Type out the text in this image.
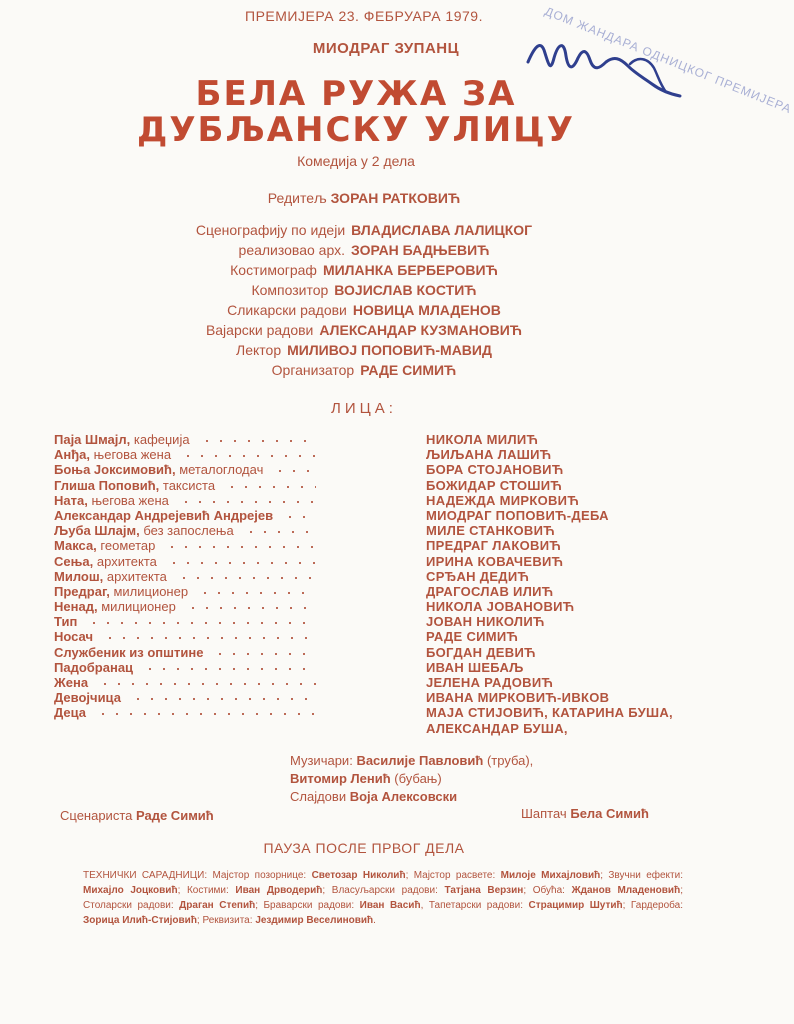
ДОМ ЖАНДАРА ОДНИЦКОГ ПРЕМИЈЕРА
ПРЕМИЈЕРА 23. ФЕБРУАРА 1979.
МИОДРАГ ЗУПАНЦ
БЕЛА РУЖА ЗА
ДУБЉАНСКУ УЛИЦУ
Комедија у 2 дела
Редитељ ЗОРАН РАТКОВИЋ
Сценографију по идеји ВЛАДИСЛАВА ЛАЛИЦКОГ
реализовао арх. ЗОРАН БАДЊЕВИЋ
Костимограф МИЛАНКА БЕРБЕРОВИЋ
Композитор ВОЈИСЛАВ КОСТИЋ
Сликарски радови НОВИЦА МЛАДЕНОВ
Вајарски радови АЛЕКСАНДАР КУЗМАНОВИЋ
Лектор МИЛИВОЈ ПОПОВИЋ-МАВИД
Организатор РАДЕ СИМИЋ
ЛИЦА:
Паја Шмајл, кафеџија	НИКОЛА МИЛИЋ
Анђа, његова жена	ЉИЉАНА ЛАШИЋ
Боња Јоксимовић, металоглодач	БОРА СТОЈАНОВИЋ
Глиша Поповић, таксиста	БОЖИДАР СТОШИЋ
Ната, његова жена	НАДЕЖДА МИРКОВИЋ
Александар Андрејевић Андрејев	МИОДРАГ ПОПОВИЋ-ДЕБА
Љуба Шлајм, без запослења	МИЛЕ СТАНКОВИЋ
Макса, геометар	ПРЕДРАГ ЛАКОВИЋ
Сења, архитекта	ИРИНА КОВАЧЕВИЋ
Милош, архитекта	СРЂАН ДЕДИЋ
Предраг, милиционер	ДРАГОСЛАВ ИЛИЋ
Ненад, милиционер	НИКОЛА ЈОВАНОВИЋ
Тип	ЈОВАН НИКОЛИЋ
Носач	РАДЕ СИМИЋ
Службеник из општине	БОГДАН ДЕВИЋ
Падобранац	ИВАН ШЕБАЉ
Жена	ЈЕЛЕНА РАДОВИЋ
Девојчица	ИВАНА МИРКОВИЋ-ИВКОВ
Деца	МАЈА СТИЈОВИЋ, КАТАРИНА БУША,
АЛЕКСАНДАР БУША,
Музичари: Василије Павловић (труба),
Витомир Ленић (бубањ)
Слајдови Воја Алексовски
Сценариста Раде Симић	Шаптач Бела Симић
ПАУЗА ПОСЛЕ ПРВОГ ДЕЛА
ТЕХНИЧКИ САРАДНИЦИ: Мајстор позорнице: Светозар Николић; Мајстор расвете: Милоје Михајловић; Звучни ефекти: Михајло Јоцковић; Костими: Иван Дрводерић; Власуљарски радови: Татјана Верзин; Обућа: Жданов Младеновић; Столарски радови: Драган Степић; Браварски радови: Иван Васић, Тапетарски радови: Страцимир Шутић; Гардероба: Зорица Илић-Стијовић; Реквизита: Јездимир Веселиновић.
